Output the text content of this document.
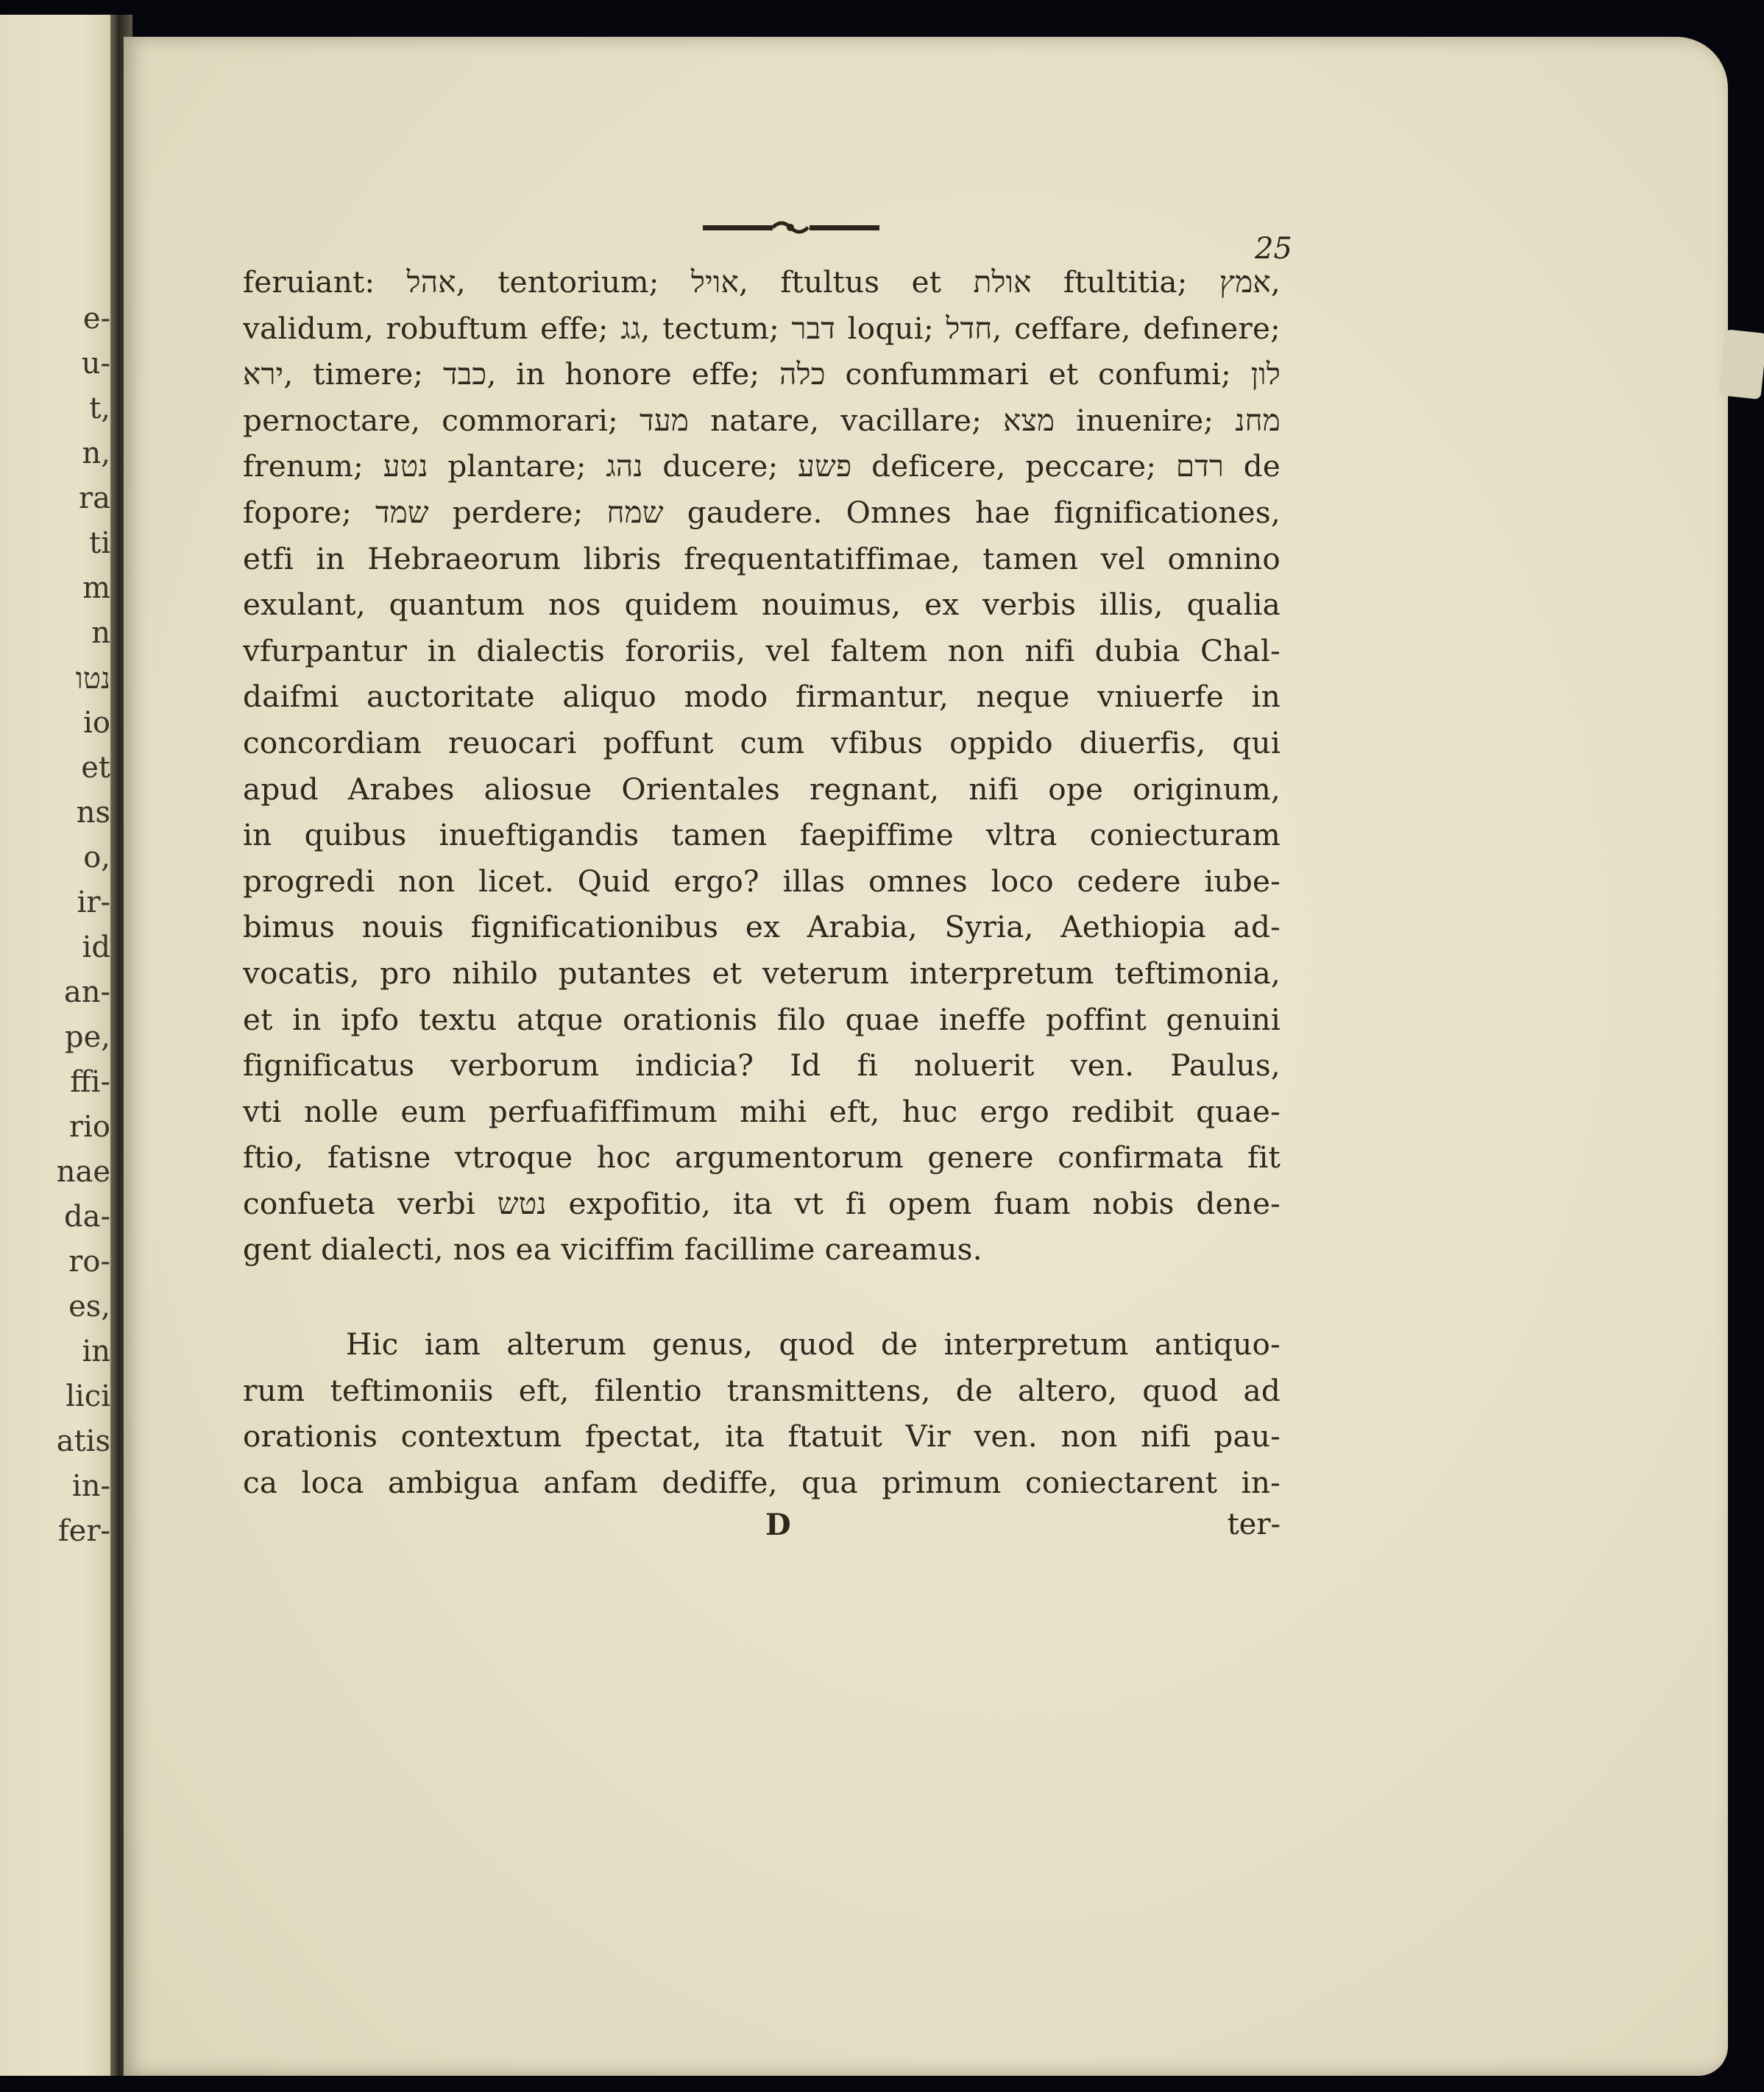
e-
u-
t,
n,
ra
ti
m
n
נטו
io
et
ns
o,
ir-
id
an-
pe,
ffi-
rio
nae
da-
ro-
es,
in
lici
atis
in-
fer-
25
feruiant: אהל, tentorium; אויל, ftultus et אולת ftultitia; אמץ,
validum, robuftum effe; גג, tectum; דבר loqui; חדל, ceffare, defınere;
ירא, timere; כבד, in honore effe; כלה confummari et confumi; לון
pernoctare, commorari; מעד natare, vacillare; מצא inuenire; מחנ
frenum; נטע plantare; נהג ducere; פשע deficere, peccare; רדם de
fopore; שמד perdere; שמח gaudere. Omnes hae fignificationes,
etfi in Hebraeorum libris frequentatiffimae, tamen vel omnino
exulant, quantum nos quidem nouimus, ex verbis illis, qualia
vfurpantur in dialectis fororiis, vel faltem non nifi dubia Chal-
daifmi auctoritate aliquo modo firmantur, neque vniuerfe in
concordiam reuocari poffunt cum vfibus oppido diuerfis, qui
apud Arabes aliosue Orientales regnant, nifi ope originum,
in quibus inueftigandis tamen faepiffime vltra coniecturam
progredi non licet. Quid ergo? illas omnes loco cedere iube-
bimus nouis fignificationibus ex Arabia, Syria, Aethiopia ad-
vocatis, pro nihilo putantes et veterum interpretum teftimonia,
et in ipfo textu atque orationis filo quae ineffe poffint genuini
fignificatus verborum indicia? Id fi noluerit ven. Paulus,
vti nolle eum perfuafiffimum mihi eft, huc ergo redibit quae-
ftio, fatisne vtroque hoc argumentorum genere confirmata fit
confueta verbi נטש expofitio, ita vt fi opem fuam nobis dene-
gent dialecti, nos ea viciffim facillime careamus.
Hic iam alterum genus, quod de interpretum antiquo-
rum teftimoniis eft, filentio transmittens, de altero, quod ad
orationis contextum fpectat, ita ftatuit Vir ven. non nifi pau-
ca loca ambigua anfam dediffe, qua primum coniectarent in-
D	ter-
